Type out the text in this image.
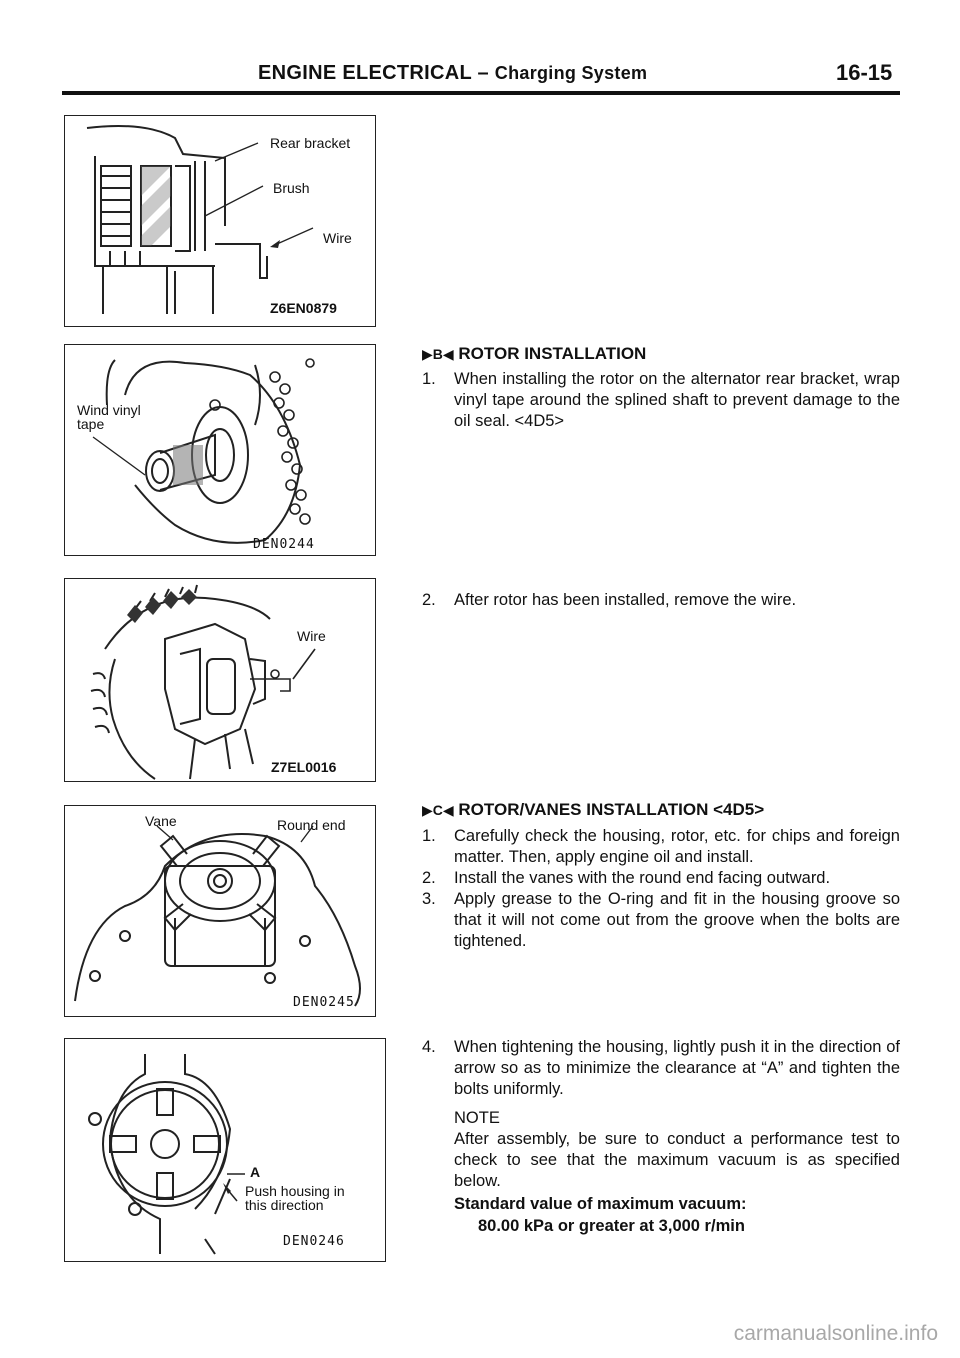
ENGINE ELECTRICAL – Charging System	16-15
Rear bracket
Brush
Wire
Z6EN0879
Wind vinyl
tape
DEN0244
Wire
Z7EL0016
Vane	Round end
DEN0245
A
Push housing in
this direction
DEN0246
▶B◀ ROTOR INSTALLATION
1. When installing the rotor on the alternator rear bracket, wrap vinyl tape around the splined shaft to prevent damage to the oil seal. <4D5>
2. After rotor has been installed, remove the wire.
▶C◀ ROTOR/VANES INSTALLATION <4D5>
1. Carefully check the housing, rotor, etc. for chips and foreign matter. Then, apply engine oil and install.
2. Install the vanes with the round end facing outward.
3. Apply grease to the O-ring and fit in the housing groove so that it will not come out from the groove when the bolts are tightened.
4. When tightening the housing, lightly push it in the direction of arrow so as to minimize the clearance at “A” and tighten the bolts uniformly.
NOTE
After assembly, be sure to conduct a performance test to check to see that the maximum vacuum is as specified below.
Standard value of maximum vacuum:
80.00 kPa or greater at 3,000 r/min
carmanualsonline.info
